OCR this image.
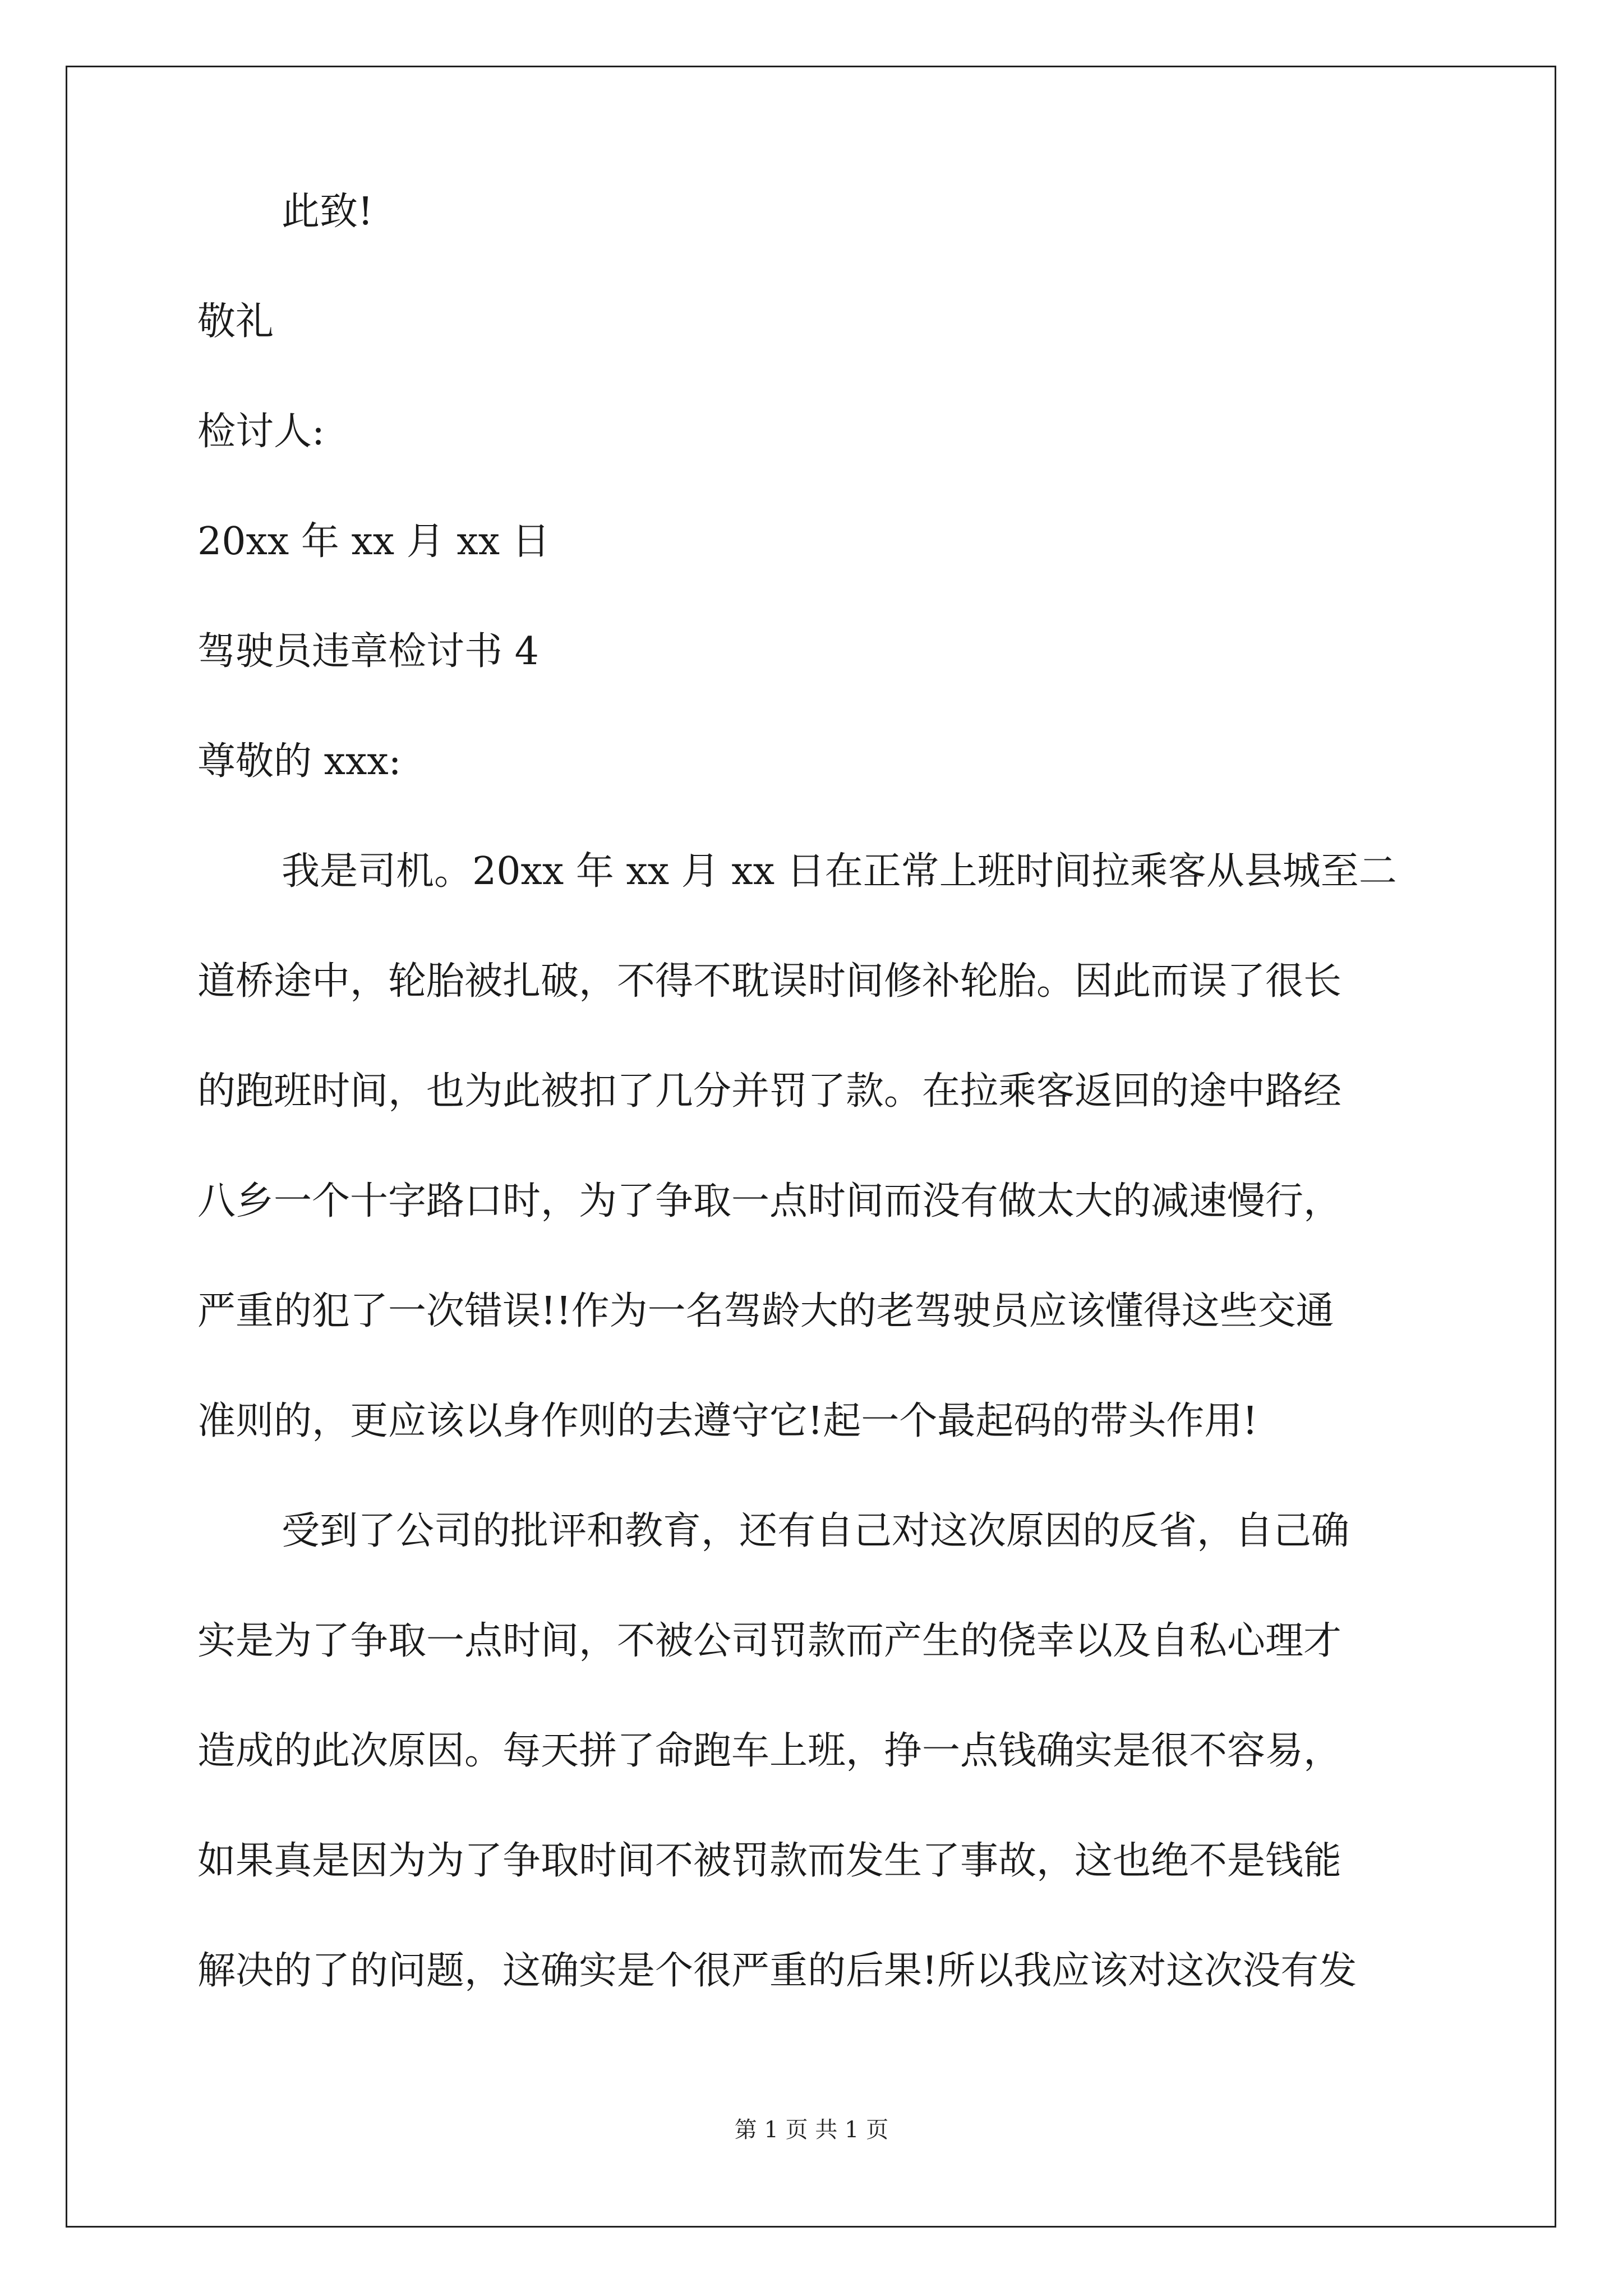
此致!
敬礼
检讨人:
20xx 年 xx 月 xx 日
驾驶员违章检讨书 4
尊敬的 xxx:
我是司机。20xx 年 xx 月 xx 日在正常上班时间拉乘客从县城至二
道桥途中，轮胎被扎破，不得不耽误时间修补轮胎。因此而误了很长
的跑班时间，也为此被扣了几分并罚了款。在拉乘客返回的途中路经
八乡一个十字路口时，为了争取一点时间而没有做太大的减速慢行，
严重的犯了一次错误!!作为一名驾龄大的老驾驶员应该懂得这些交通
准则的，更应该以身作则的去遵守它!起一个最起码的带头作用!
受到了公司的批评和教育，还有自己对这次原因的反省，自己确
实是为了争取一点时间，不被公司罚款而产生的侥幸以及自私心理才
造成的此次原因。每天拼了命跑车上班，挣一点钱确实是很不容易，
如果真是因为为了争取时间不被罚款而发生了事故，这也绝不是钱能
解决的了的问题，这确实是个很严重的后果!所以我应该对这次没有发
第 1 页 共 1 页
